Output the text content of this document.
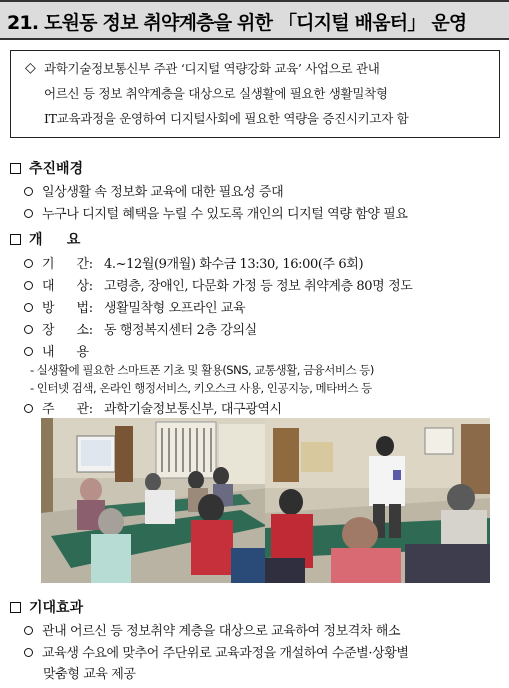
21. 도원동 정보 취약계층을 위한 「디지털 배움터」 운영
◇ 과학기술정보통신부 주관 ‘디지털 역량강화 교육’ 사업으로 관내
어르신 등 정보 취약계층을 대상으로 실생활에 필요한 생활밀착형
IT교육과정을 운영하여 디지털사회에 필요한 역량을 증진시키고자 함
추진배경
일상생활 속 정보화 교육에 대한 필요성 증대
누구나 디지털 혜택을 누릴 수 있도록 개인의 디지털 역량 함양 필요
개     요
기      간: 4.~12월(9개월) 화수금 13:30, 16:00(주 6회)
대      상: 고령층, 장애인, 다문화 가정 등 정보 취약계층 80명 정도
방      법: 생활밀착형 오프라인 교육
장      소: 동 행정복지센터 2층 강의실
내      용
- 실생활에 필요한 스마트폰 기초 및 활용(SNS, 교통생활, 금융서비스 등)
- 인터넷 검색, 온라인 행정서비스, 키오스크 사용, 인공지능, 메타버스 등
주      관: 과학기술정보통신부, 대구광역시
기대효과
관내 어르신 등 정보취약 계층을 대상으로 교육하여 정보격차 해소
교육생 수요에 맞추어 주단위로 교육과정을 개설하여 수준별·상황별
맞춤형 교육 제공
